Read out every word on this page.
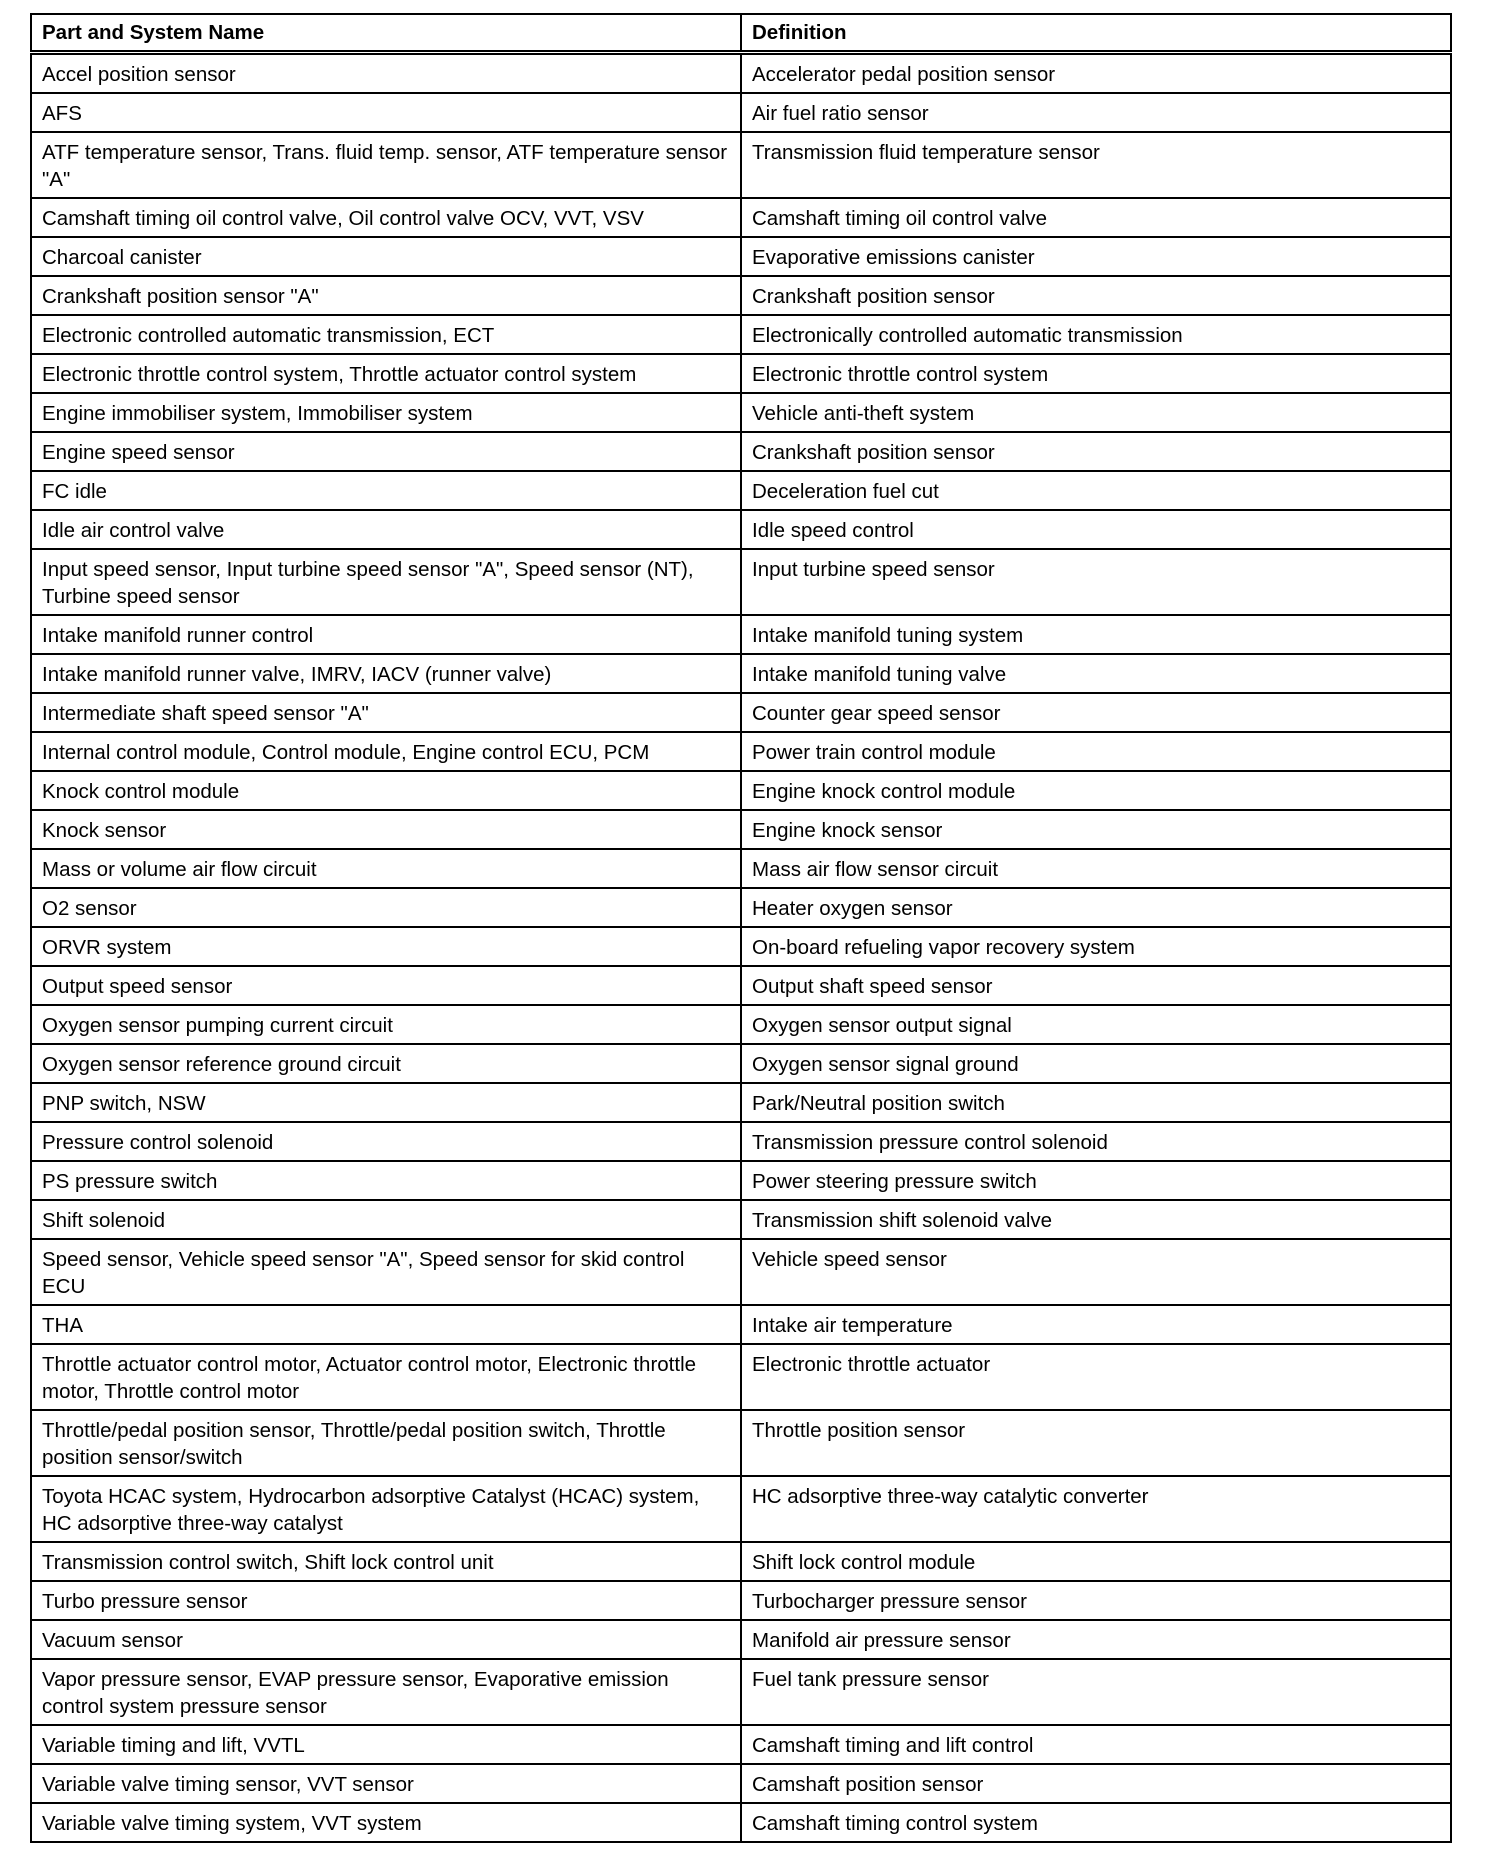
Part and System Name	Definition
Accel position sensor	Accelerator pedal position sensor
AFS	Air fuel ratio sensor
ATF temperature sensor, Trans. fluid temp. sensor, ATF temperature sensor "A"	Transmission fluid temperature sensor
Camshaft timing oil control valve, Oil control valve OCV, VVT, VSV	Camshaft timing oil control valve
Charcoal canister	Evaporative emissions canister
Crankshaft position sensor "A"	Crankshaft position sensor
Electronic controlled automatic transmission, ECT	Electronically controlled automatic transmission
Electronic throttle control system, Throttle actuator control system	Electronic throttle control system
Engine immobiliser system, Immobiliser system	Vehicle anti-theft system
Engine speed sensor	Crankshaft position sensor
FC idle	Deceleration fuel cut
Idle air control valve	Idle speed control
Input speed sensor, Input turbine speed sensor "A", Speed sensor (NT), Turbine speed sensor	Input turbine speed sensor
Intake manifold runner control	Intake manifold tuning system
Intake manifold runner valve, IMRV, IACV (runner valve)	Intake manifold tuning valve
Intermediate shaft speed sensor "A"	Counter gear speed sensor
Internal control module, Control module, Engine control ECU, PCM	Power train control module
Knock control module	Engine knock control module
Knock sensor	Engine knock sensor
Mass or volume air flow circuit	Mass air flow sensor circuit
O2 sensor	Heater oxygen sensor
ORVR system	On-board refueling vapor recovery system
Output speed sensor	Output shaft speed sensor
Oxygen sensor pumping current circuit	Oxygen sensor output signal
Oxygen sensor reference ground circuit	Oxygen sensor signal ground
PNP switch, NSW	Park/Neutral position switch
Pressure control solenoid	Transmission pressure control solenoid
PS pressure switch	Power steering pressure switch
Shift solenoid	Transmission shift solenoid valve
Speed sensor, Vehicle speed sensor "A", Speed sensor for skid control ECU	Vehicle speed sensor
THA	Intake air temperature
Throttle actuator control motor, Actuator control motor, Electronic throttle motor, Throttle control motor	Electronic throttle actuator
Throttle/pedal position sensor, Throttle/pedal position switch, Throttle position sensor/switch	Throttle position sensor
Toyota HCAC system, Hydrocarbon adsorptive Catalyst (HCAC) system, HC adsorptive three-way catalyst	HC adsorptive three-way catalytic converter
Transmission control switch, Shift lock control unit	Shift lock control module
Turbo pressure sensor	Turbocharger pressure sensor
Vacuum sensor	Manifold air pressure sensor
Vapor pressure sensor, EVAP pressure sensor, Evaporative emission control system pressure sensor	Fuel tank pressure sensor
Variable timing and lift, VVTL	Camshaft timing and lift control
Variable valve timing sensor, VVT sensor	Camshaft position sensor
Variable valve timing system, VVT system	Camshaft timing control system
